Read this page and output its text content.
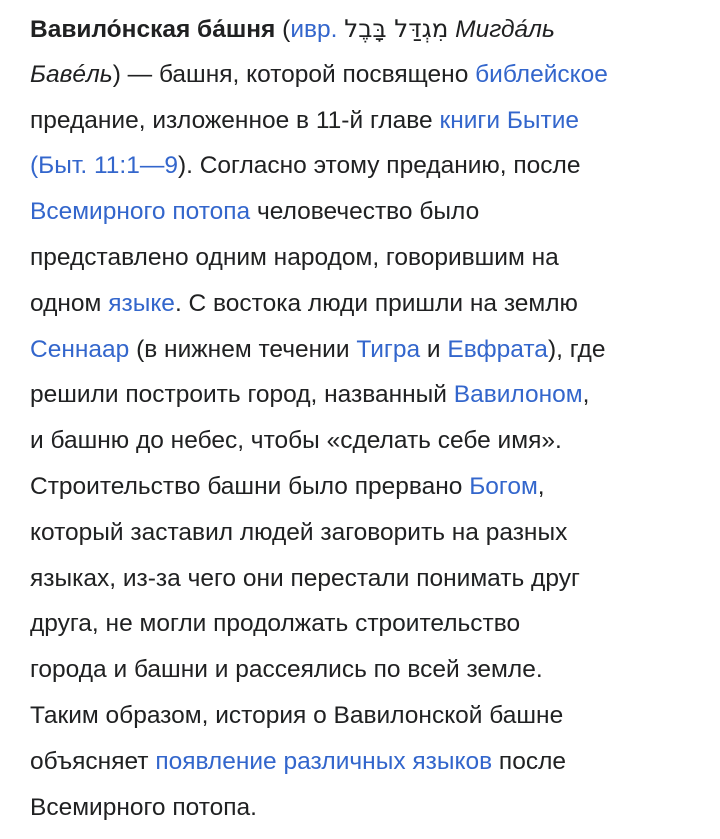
Вавило́нская ба́шня (ивр. מִגְדַּל בָּבֶל Мигда́ль
Бавéль) — башня, которой посвящено библейское
предание, изложенное в 11-й главе книги Бытие
(Быт. 11:1—9). Согласно этому преданию, после
Всемирного потопа человечество было
представлено одним народом, говорившим на
одном языке. С востока люди пришли на землю
Сеннаар (в нижнем течении Тигра и Евфрата), где
решили построить город, названный Вавилоном,
и башню до небес, чтобы «сделать себе имя».
Строительство башни было прервано Богом,
который заставил людей заговорить на разных
языках, из-за чего они перестали понимать друг
друга, не могли продолжать строительство
города и башни и рассеялись по всей земле.
Таким образом, история о Вавилонской башне
объясняет появление различных языков после
Всемирного потопа.
